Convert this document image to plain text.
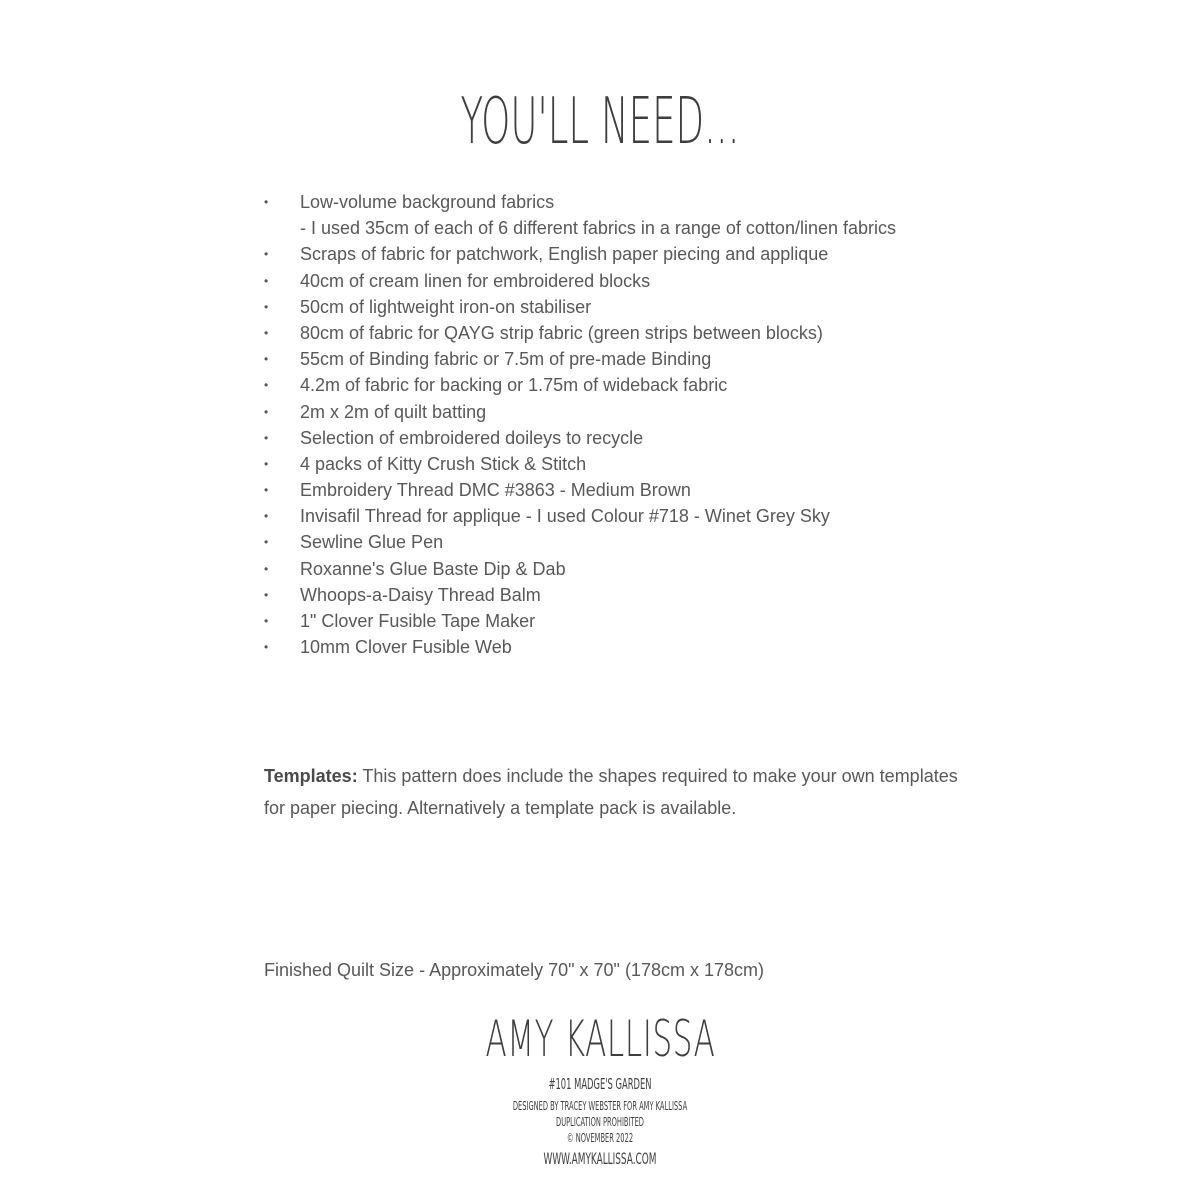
YOU'LL NEED...
• Low-volume background fabrics
- I used 35cm of each of 6 different fabrics in a range of cotton/linen fabrics
• Scraps of fabric for patchwork, English paper piecing and applique
• 40cm of cream linen for embroidered blocks
• 50cm of lightweight iron-on stabiliser
• 80cm of fabric for QAYG strip fabric (green strips between blocks)
• 55cm of Binding fabric or 7.5m of pre-made Binding
• 4.2m of fabric for backing or 1.75m of wideback fabric
• 2m x 2m of quilt batting
• Selection of embroidered doileys to recycle
• 4 packs of Kitty Crush Stick & Stitch
• Embroidery Thread DMC #3863 - Medium Brown
• Invisafil Thread for applique - I used Colour #718 - Winet Grey Sky
• Sewline Glue Pen
• Roxanne's Glue Baste Dip & Dab
• Whoops-a-Daisy Thread Balm
• 1" Clover Fusible Tape Maker
• 10mm Clover Fusible Web
Templates: This pattern does include the shapes required to make your own templates for paper piecing. Alternatively a template pack is available.
Finished Quilt Size - Approximately 70" x 70" (178cm x 178cm)
AMY KALLISSA
#101 MADGE'S GARDEN
DESIGNED BY TRACEY WEBSTER FOR AMY KALLISSA
DUPLICATION PROHIBITED
© NOVEMBER 2022
WWW.AMYKALLISSA.COM
